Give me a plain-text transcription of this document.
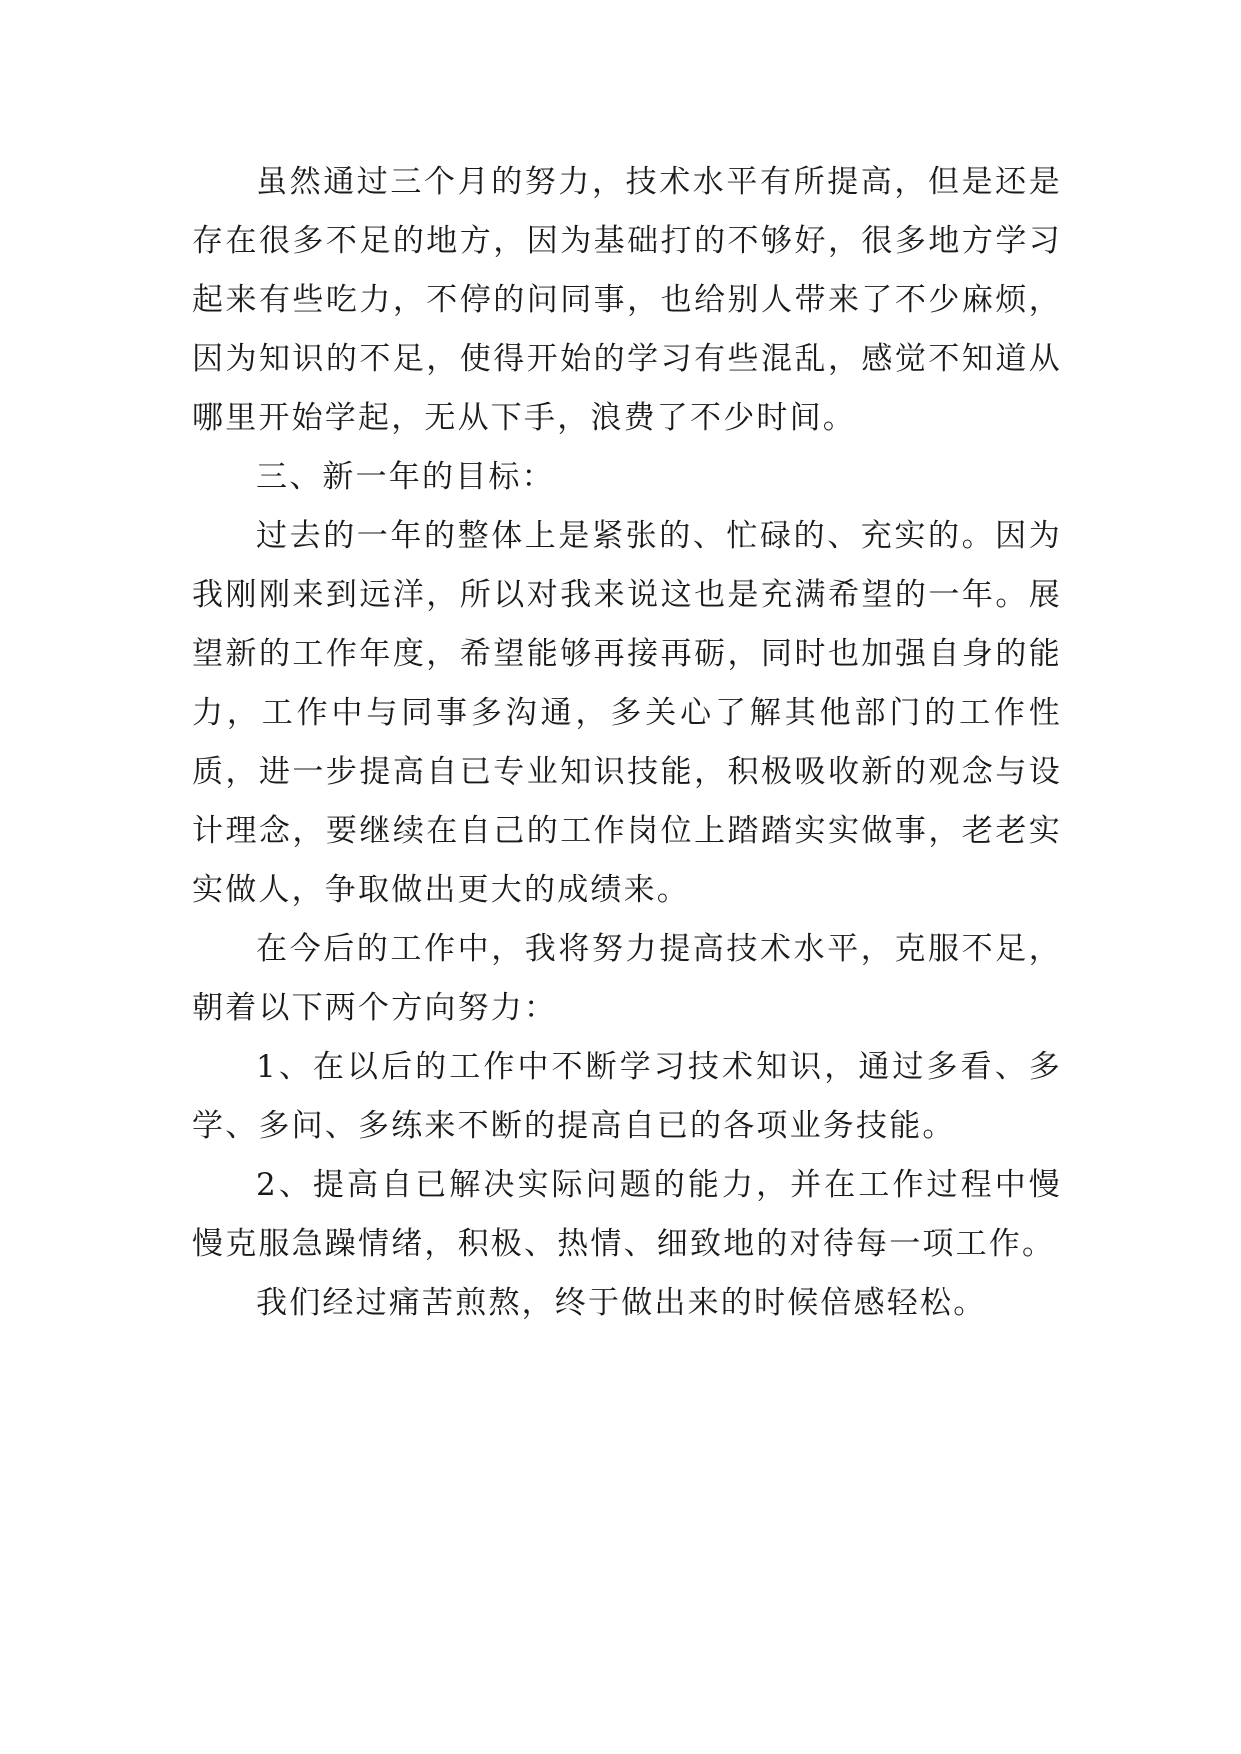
虽然通过三个月的努力，技术水平有所提高，但是还是存在很多不足的地方，因为基础打的不够好，很多地方学习起来有些吃力，不停的问同事，也给别人带来了不少麻烦，因为知识的不足，使得开始的学习有些混乱，感觉不知道从哪里开始学起，无从下手，浪费了不少时间。

三、新一年的目标：

过去的一年的整体上是紧张的、忙碌的、充实的。因为我刚刚来到远洋，所以对我来说这也是充满希望的一年。展望新的工作年度，希望能够再接再砺，同时也加强自身的能力，工作中与同事多沟通，多关心了解其他部门的工作性质，进一步提高自已专业知识技能，积极吸收新的观念与设计理念，要继续在自己的工作岗位上踏踏实实做事，老老实实做人，争取做出更大的成绩来。

在今后的工作中，我将努力提高技术水平，克服不足，朝着以下两个方向努力：

1、在以后的工作中不断学习技术知识，通过多看、多学、多问、多练来不断的提高自已的各项业务技能。

2、提高自已解决实际问题的能力，并在工作过程中慢慢克服急躁情绪，积极、热情、细致地的对待每一项工作。

我们经过痛苦煎熬，终于做出来的时候倍感轻松。
